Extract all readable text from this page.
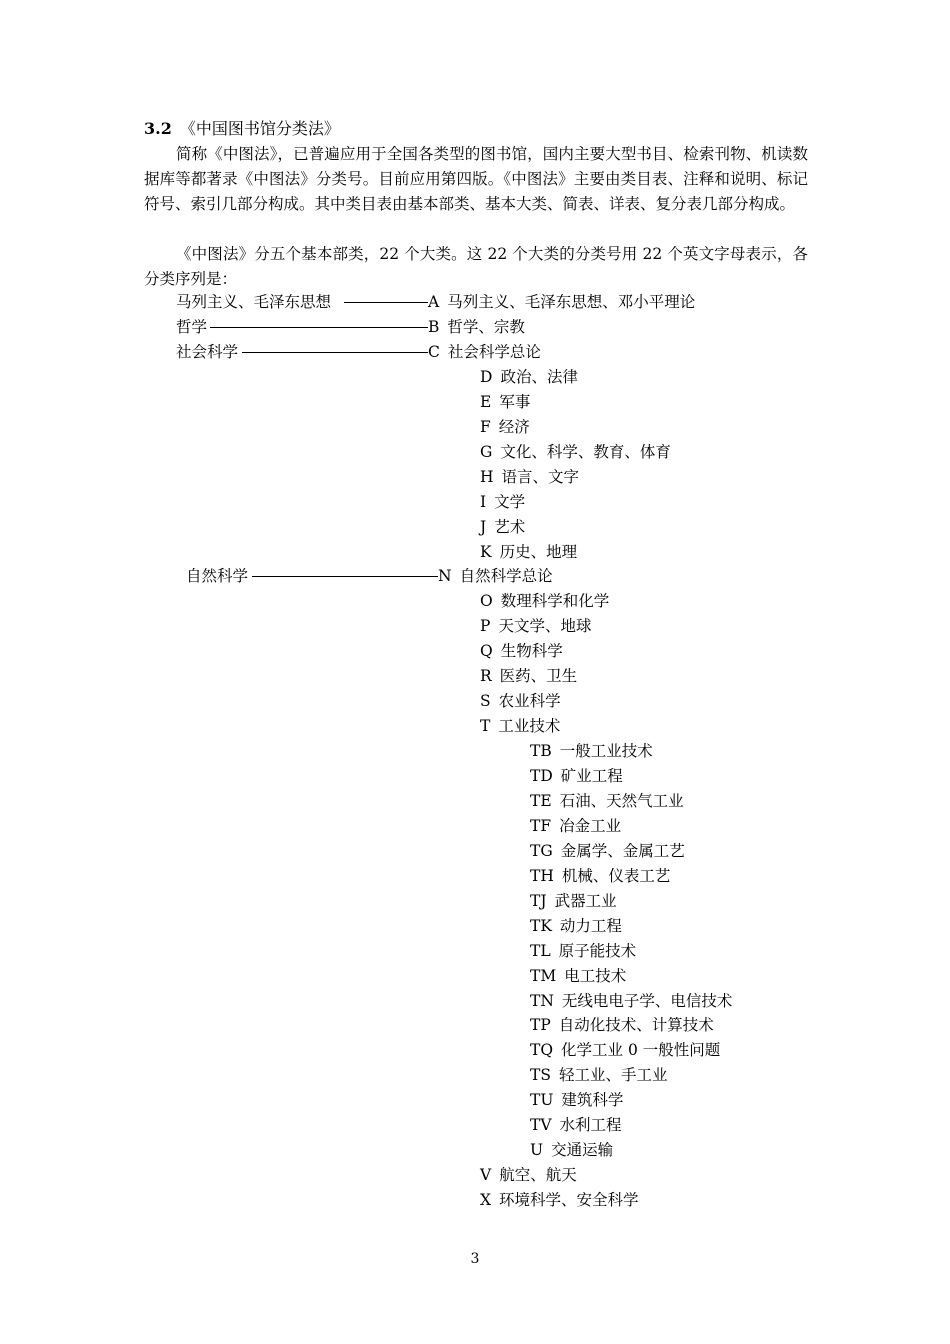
3.2 《中国图书馆分类法》

简称《中图法》，已普遍应用于全国各类型的图书馆，国内主要大型书目、检索刊物、机读数据库等都著录《中图法》分类号。目前应用第四版。《中图法》主要由类目表、注释和说明、标记符号、索引几部分构成。其中类目表由基本部类、基本大类、简表、详表、复分表几部分构成。

《中图法》分五个基本部类，22 个大类。这 22 个大类的分类号用 22 个英文字母表示，各分类序列是：

马列主义、毛泽东思想	A 马列主义、毛泽东思想、邓小平理论
哲学	B 哲学、宗教
社会科学	C 社会科学总论
D 政治、法律
E 军事
F 经济
G 文化、科学、教育、体育
H 语言、文字
I 文学
J 艺术
K 历史、地理
自然科学	N 自然科学总论
O 数理科学和化学
P 天文学、地球
Q 生物科学
R 医药、卫生
S 农业科学
T 工业技术
TB 一般工业技术
TD 矿业工程
TE 石油、天然气工业
TF 冶金工业
TG 金属学、金属工艺
TH 机械、仪表工艺
TJ 武器工业
TK 动力工程
TL 原子能技术
TM 电工技术
TN 无线电电子学、电信技术
TP 自动化技术、计算技术
TQ 化学工业 0 一般性问题
TS 轻工业、手工业
TU 建筑科学
TV 水利工程
U 交通运输
V 航空、航天
X 环境科学、安全科学
3
